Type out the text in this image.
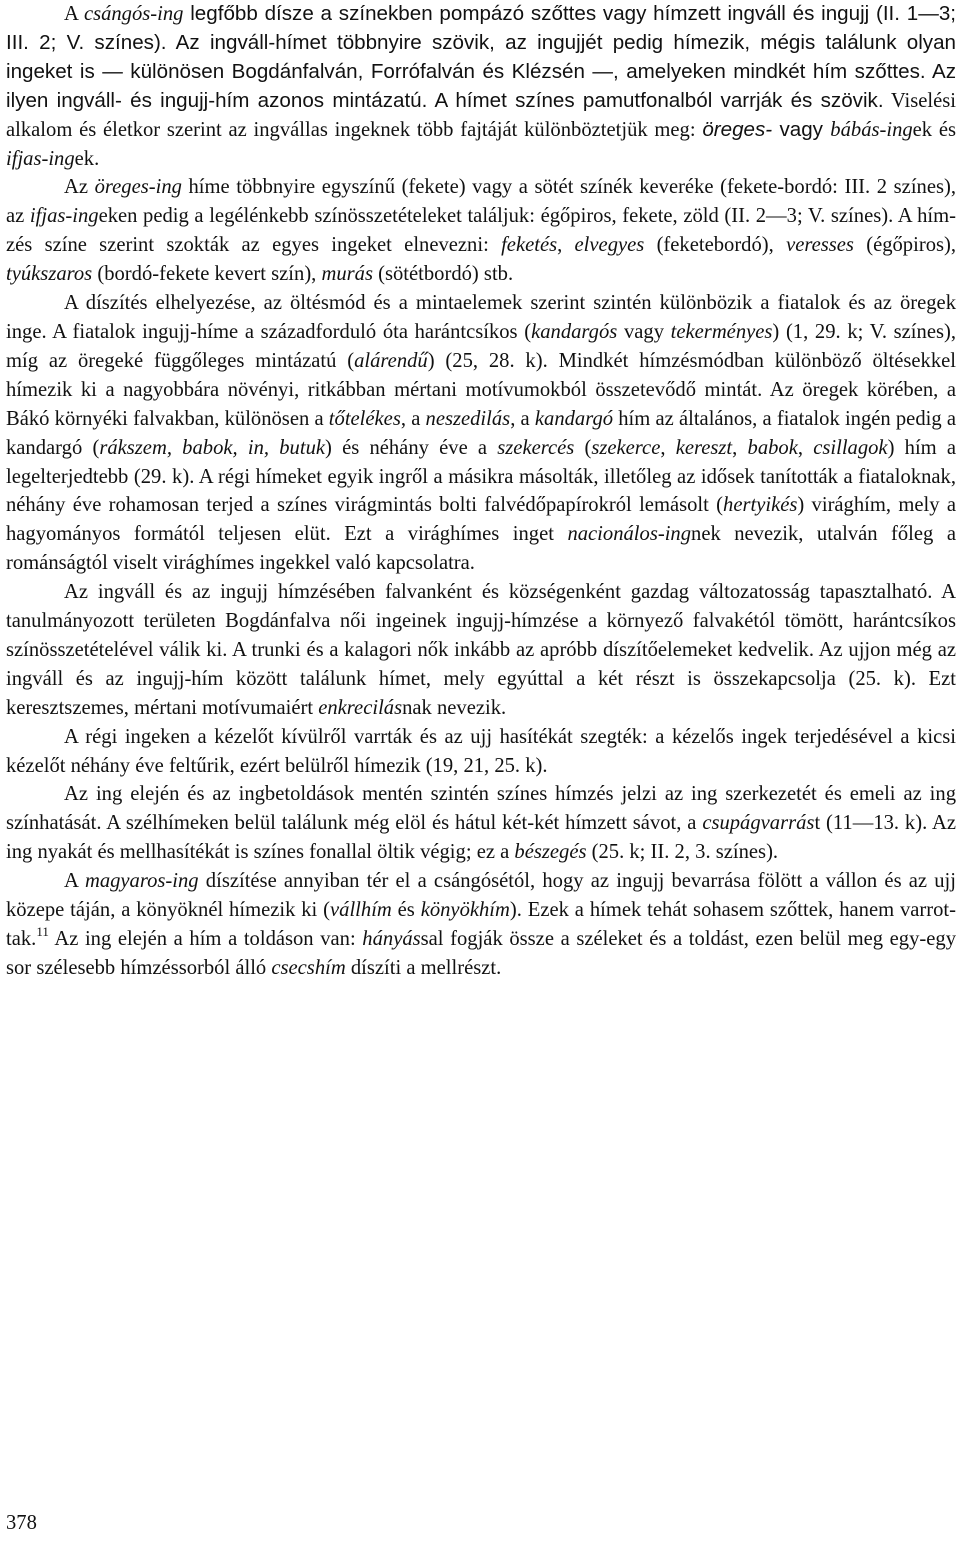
A csángós-ing legfőbb dísze a színekben pompázó szőttes vagy hímzett ingváll és ingujj (II. 1—3; III. 2; V. színes). Az ingváll-hímet többnyire szövik, az ingujjét pedig hímezik, mégis találunk olyan ingeket is — különösen Bogdánfalván, Forrófalván és Klézsén —, amelyeken mindkét hím szőttes. Az ilyen ingváll- és ingujj-hím azonos mintázatú. A hímet színes pamutfonalból varrják és szövik. Viselési alkalom és életkor szerint az ingvállas ingeknek több fajtáját különböztetjük meg: öreges- vagy bábás-ingek és ifjas-ingek.

Az öreges-ing híme többnyire egyszínű (fekete) vagy a sötét színék keveréke (fekete-bordó: III. 2 színes), az ifjas-ingeken pedig a legélénkebb színösszetételeket találjuk: égőpiros, fekete, zöld (II. 2—3; V. színes). A hímzés színe szerint szokták az egyes ingeket elnevezni: feketés, elvegyes (feketebordó), veresses (égőpiros), tyúkszaros (bordó-fekete kevert szín), murás (sötétbordó) stb.

A díszítés elhelyezése, az öltésmód és a mintaelemek szerint szintén különbözik a fiatalok és az öregek inge. A fiatalok ingujj-híme a századforduló óta harántcsíkos (kandargós vagy tekerményes) (1, 29. k; V. színes), míg az öregeké függőleges mintázatú (alárendű) (25, 28. k). Mindkét hímzésmódban különböző öltésekkel hímezik ki a nagyobbára növényi, ritkábban mértani motívumokból összetevődő mintát. Az öregek körében, a Bákó környéki falvakban, különösen a tőtelékes, a neszedilás, a kandargó hím az általános, a fiatalok ingén pedig a kandargó (rákszem, babok, in, butuk) és néhány éve a szekercés (szekerce, kereszt, babok, csillagok) hím a legelterjedtebb (29. k). A régi hímeket egyik ingről a másikra másolták, illetőleg az idősek tanították a fiataloknak, néhány éve rohamosan terjed a színes virágmintás bolti falvédőpapírokról lemásolt (hertyikés) virághím, mely a hagyományos formától teljesen elüt. Ezt a virághímes inget nacionálos-ingnek nevezik, utalván főleg a románságtól viselt virághímes ingekkel való kapcsolatra.

Az ingváll és az ingujj hímzésében falvanként és községenként gazdag változatosság tapasztalható. A tanulmányozott területen Bogdánfalva női ingeinek ingujj-hímzése a környező falvakétól tömött, harántcsíkos színösszetételével válik ki. A trunki és a kalagori nők inkább az apróbb díszítőelemeket kedvelik. Az ujjon még az ingváll és az ingujj-hím között találunk hímet, mely egyúttal a két részt is összekapcsolja (25. k). Ezt keresztszemes, mértani motívumaiért enkrecilásnak nevezik.

A régi ingeken a kézelőt kívülről varrták és az ujj hasítékát szegték: a kézelős ingek terjedésével a kicsi kézelőt néhány éve feltűrik, ezért belülről hímezik (19, 21, 25. k).

Az ing elején és az ingbetoldások mentén szintén színes hímzés jelzi az ing szerkezetét és emeli az ing színhatását. A szélhímeken belül találunk még elöl és hátul két-két hímzett sávot, a csupágvarrást (11—13. k). Az ing nyakát és mellhasítékát is színes fonallal öltik végig; ez a bészegés (25. k; II. 2, 3. színes).

A magyaros-ing díszítése annyiban tér el a csángósétól, hogy az ingujj bevarrása fölött a vállon és az ujj közepe táján, a könyöknél hímezik ki (vállhím és könyökhím). Ezek a hímek tehát sohasem szőttek, hanem varrottak.$^{11}$ Az ing elején a hím a toldáson van: hányással fogják össze a széleket és a toldást, ezen belül meg egy-egy sor szélesebb hímzéssorból álló csecshím díszíti a mellrészt.

378
